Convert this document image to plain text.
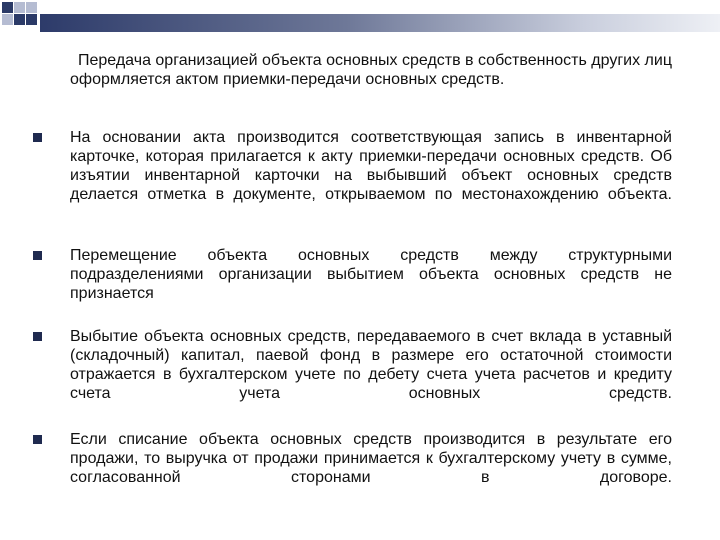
Передача организацией объекта основных средств в собственность других лиц оформляется актом приемки-передачи основных средств.
На основании акта производится соответствующая запись в инвентарной карточке, которая прилагается к акту приемки-передачи основных средств. Об изъятии инвентарной карточки на выбывший объект основных средств делается отметка в документе, открываемом по местонахождению объекта.
Перемещение объекта основных средств между структурными подразделениями организации выбытием объекта основных средств не признается
Выбытие объекта основных средств, передаваемого в счет вклада в уставный (складочный) капитал, паевой фонд в размере его остаточной стоимости отражается в бухгалтерском учете по дебету счета учета расчетов и кредиту счета учета основных средств.
Если списание объекта основных средств производится в результате его продажи, то выручка от продажи принимается к бухгалтерскому учету в сумме, согласованной сторонами в договоре.
